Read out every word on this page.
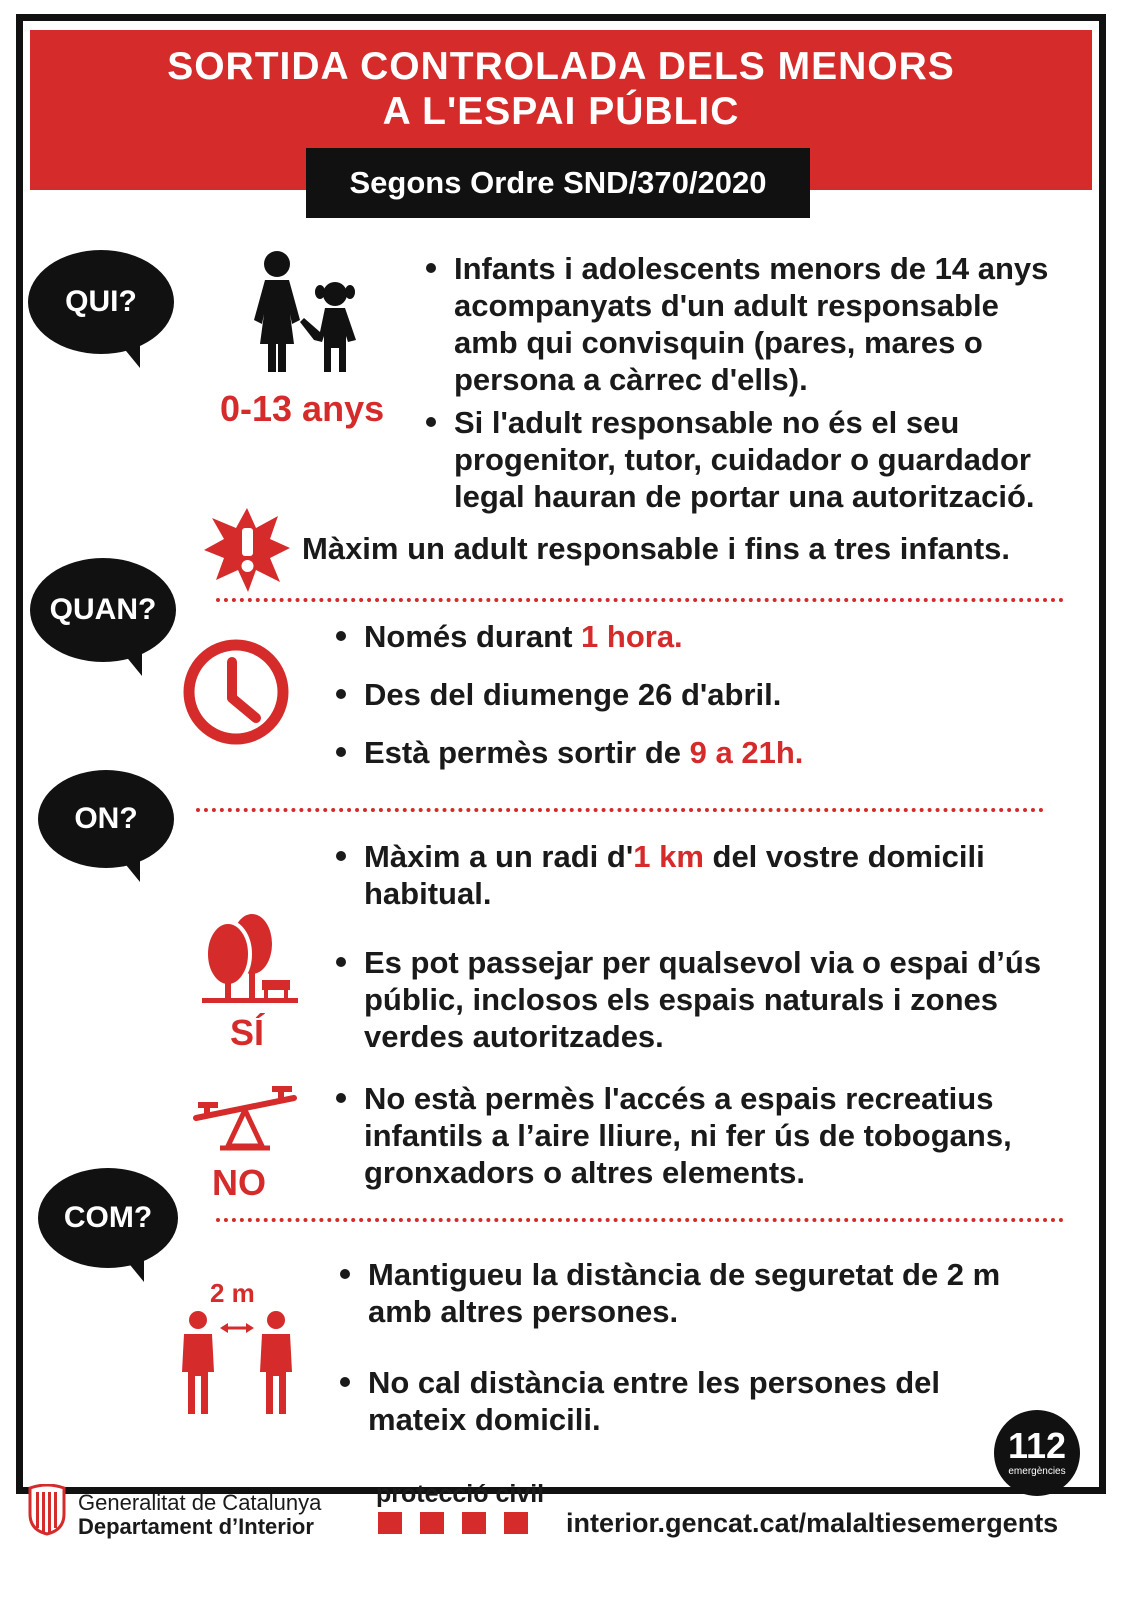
SORTIDA CONTROLADA DELS MENORS
A L'ESPAI PÚBLIC
Segons Ordre SND/370/2020
QUI?
0-13 anys
Infants i adolescents menors de 14 anys
acompanyats d'un adult responsable
amb qui convisquin (pares, mares o
persona a càrrec d'ells).
Si l'adult responsable no és el seu
progenitor, tutor, cuidador o guardador
legal hauran de portar una autorització.
Màxim un adult responsable i fins a tres infants.
QUAN?
Només durant 1 hora.
Des del diumenge 26 d'abril.
Està permès sortir de 9 a 21h.
ON?
Màxim a un radi d'1 km del vostre domicili
habitual.
SÍ
Es pot passejar per qualsevol via o espai d’ús
públic, inclosos els espais naturals i zones
verdes autoritzades.
NO
No està permès l'accés a espais recreatius
infantils a l’aire lliure, ni fer ús de tobogans,
gronxadors o altres elements.
COM?
2 m
Mantigueu la distància de seguretat de 2 m
amb altres persones.
No cal distància entre les persones del
mateix domicili.
112
emergències
Generalitat de Catalunya
Departament d’Interior
protecció civil
interior.gencat.cat/malaltiesemergents
